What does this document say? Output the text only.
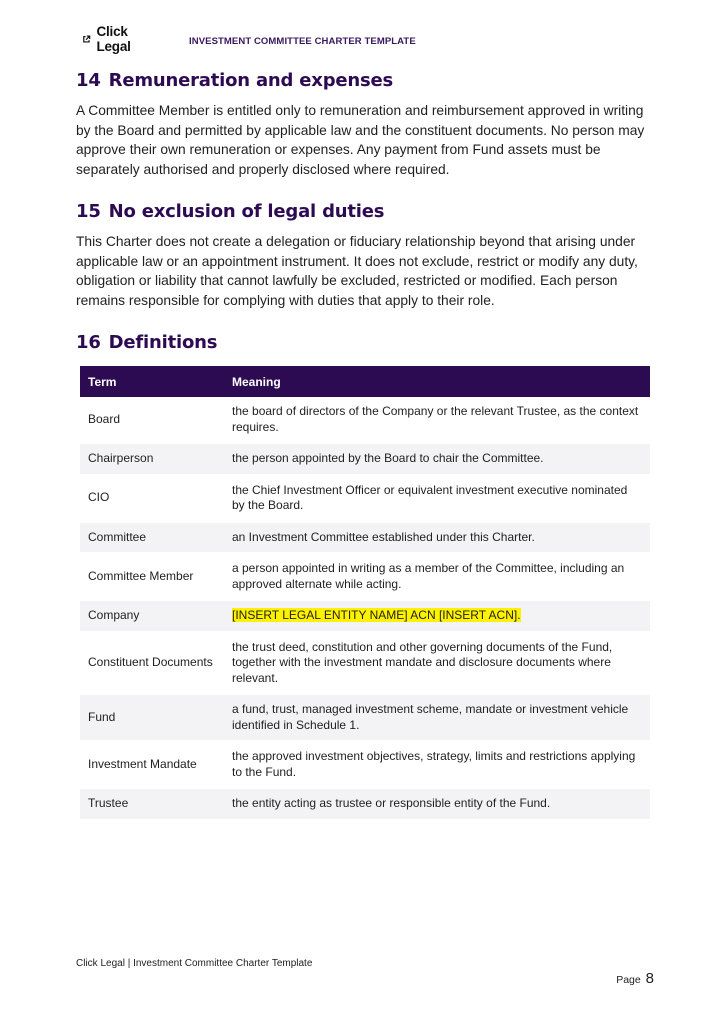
Click Legal	INVESTMENT COMMITTEE CHARTER TEMPLATE
14 Remuneration and expenses

A Committee Member is entitled only to remuneration and reimbursement approved in writing by the Board and permitted by applicable law and the constituent documents. No person may approve their own remuneration or expenses. Any payment from Fund assets must be separately authorised and properly disclosed where required.

15 No exclusion of legal duties

This Charter does not create a delegation or fiduciary relationship beyond that arising under applicable law or an appointment instrument. It does not exclude, restrict or modify any duty, obligation or liability that cannot lawfully be excluded, restricted or modified. Each person remains responsible for complying with duties that apply to their role.

16 Definitions
Term	Meaning
Board	the board of directors of the Company or the relevant Trustee, as the context requires.
Chairperson	the person appointed by the Board to chair the Committee.
CIO	the Chief Investment Officer or equivalent investment executive nominated by the Board.
Committee	an Investment Committee established under this Charter.
Committee Member	a person appointed in writing as a member of the Committee, including an approved alternate while acting.
Company	[INSERT LEGAL ENTITY NAME] ACN [INSERT ACN].
Constituent Documents	the trust deed, constitution and other governing documents of the Fund, together with the investment mandate and disclosure documents where relevant.
Fund	a fund, trust, managed investment scheme, mandate or investment vehicle identified in Schedule 1.
Investment Mandate	the approved investment objectives, strategy, limits and restrictions applying to the Fund.
Trustee	the entity acting as trustee or responsible entity of the Fund.
Click Legal | Investment Committee Charter Template
Page 8
